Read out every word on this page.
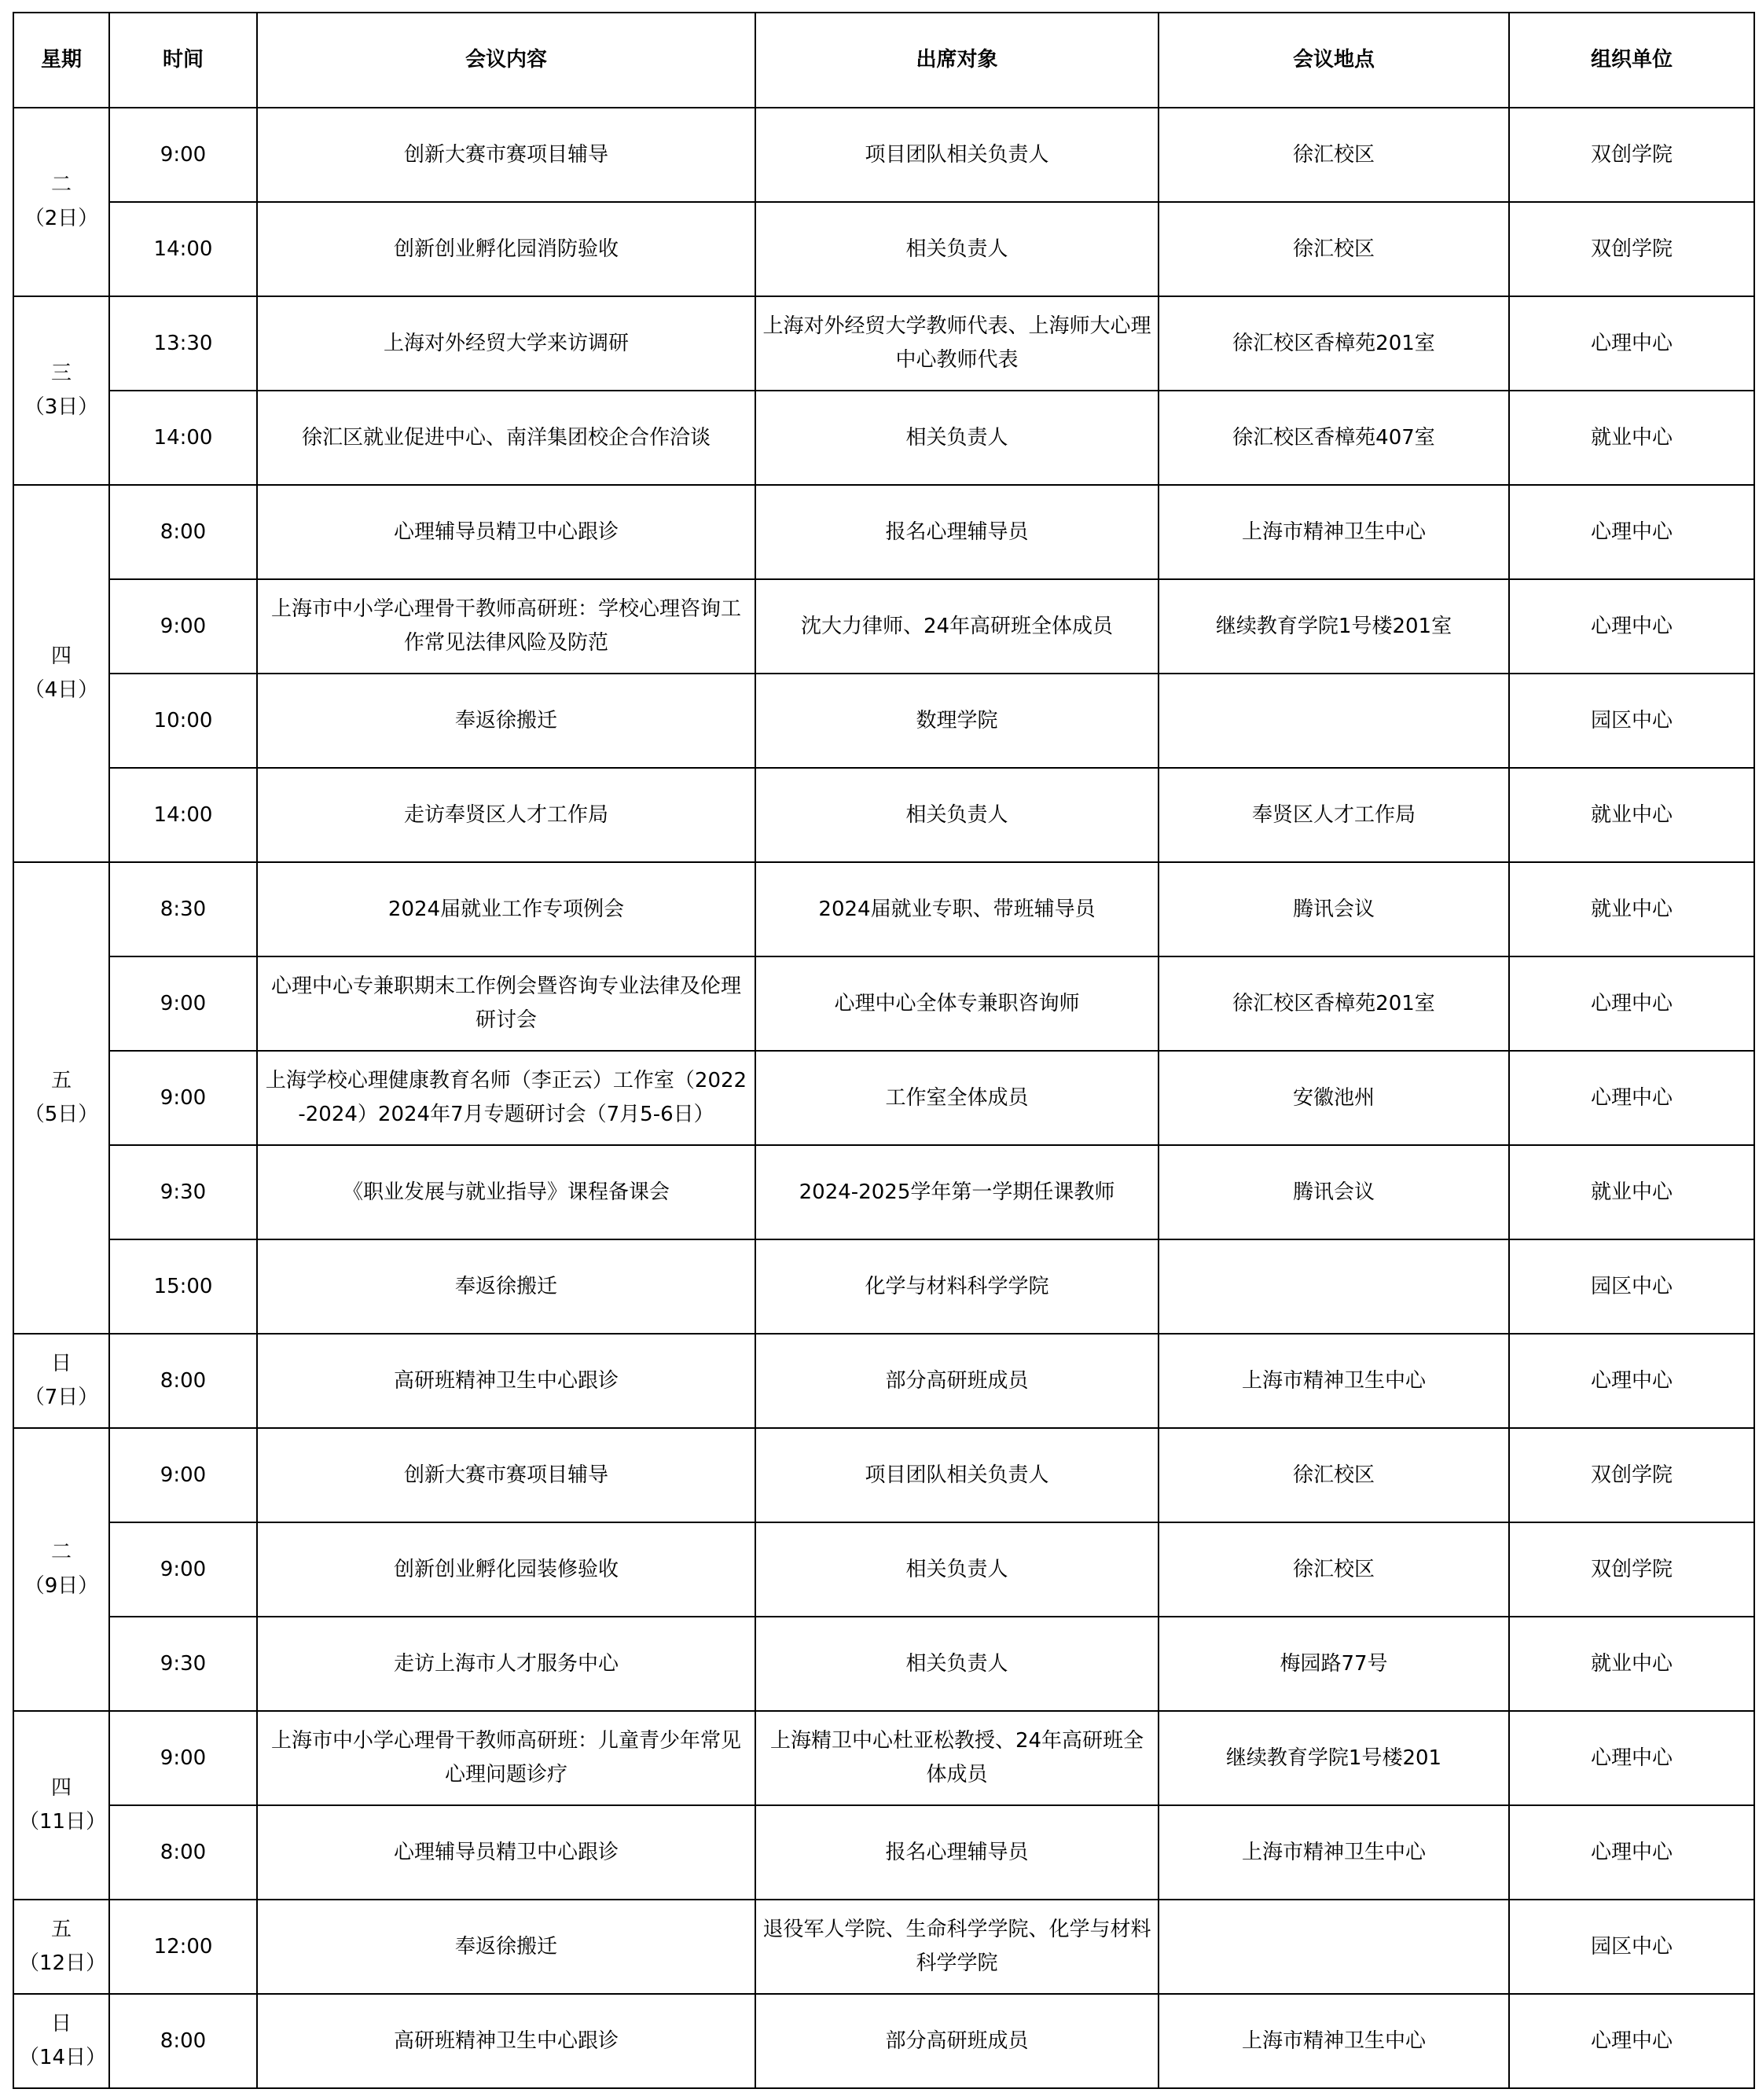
星期	时间	会议内容	出席对象	会议地点	组织单位

二
（2日）	9:00	创新大赛市赛项目辅导	项目团队相关负责人	徐汇校区	双创学院
	14:00	创新创业孵化园消防验收	相关负责人	徐汇校区	双创学院

三
（3日）	13:30	上海对外经贸大学来访调研	上海对外经贸大学教师代表、上海师大心理中心教师代表	徐汇校区香樟苑201室	心理中心
	14:00	徐汇区就业促进中心、南洋集团校企合作洽谈	相关负责人	徐汇校区香樟苑407室	就业中心

四
（4日）	8:00	心理辅导员精卫中心跟诊	报名心理辅导员	上海市精神卫生中心	心理中心
	9:00	上海市中小学心理骨干教师高研班：学校心理咨询工作常见法律风险及防范	沈大力律师、24年高研班全体成员	继续教育学院1号楼201室	心理中心
	10:00	奉返徐搬迁	数理学院		园区中心
	14:00	走访奉贤区人才工作局	相关负责人	奉贤区人才工作局	就业中心

五
（5日）	8:30	2024届就业工作专项例会	2024届就业专职、带班辅导员	腾讯会议	就业中心
	9:00	心理中心专兼职期末工作例会暨咨询专业法律及伦理研讨会	心理中心全体专兼职咨询师	徐汇校区香樟苑201室	心理中心
	9:00	上海学校心理健康教育名师（李正云）工作室（2022-2024）2024年7月专题研讨会（7月5-6日）	工作室全体成员	安徽池州	心理中心
	9:30	《职业发展与就业指导》课程备课会	2024-2025学年第一学期任课教师	腾讯会议	就业中心
	15:00	奉返徐搬迁	化学与材料科学学院		园区中心

日
（7日）	8:00	高研班精神卫生中心跟诊	部分高研班成员	上海市精神卫生中心	心理中心

二
（9日）	9:00	创新大赛市赛项目辅导	项目团队相关负责人	徐汇校区	双创学院
	9:00	创新创业孵化园装修验收	相关负责人	徐汇校区	双创学院
	9:30	走访上海市人才服务中心	相关负责人	梅园路77号	就业中心

四
（11日）	9:00	上海市中小学心理骨干教师高研班：儿童青少年常见心理问题诊疗	上海精卫中心杜亚松教授、24年高研班全体成员	继续教育学院1号楼201	心理中心
	8:00	心理辅导员精卫中心跟诊	报名心理辅导员	上海市精神卫生中心	心理中心

五
（12日）	12:00	奉返徐搬迁	退役军人学院、生命科学学院、化学与材料科学学院		园区中心

日
（14日）	8:00	高研班精神卫生中心跟诊	部分高研班成员	上海市精神卫生中心	心理中心
